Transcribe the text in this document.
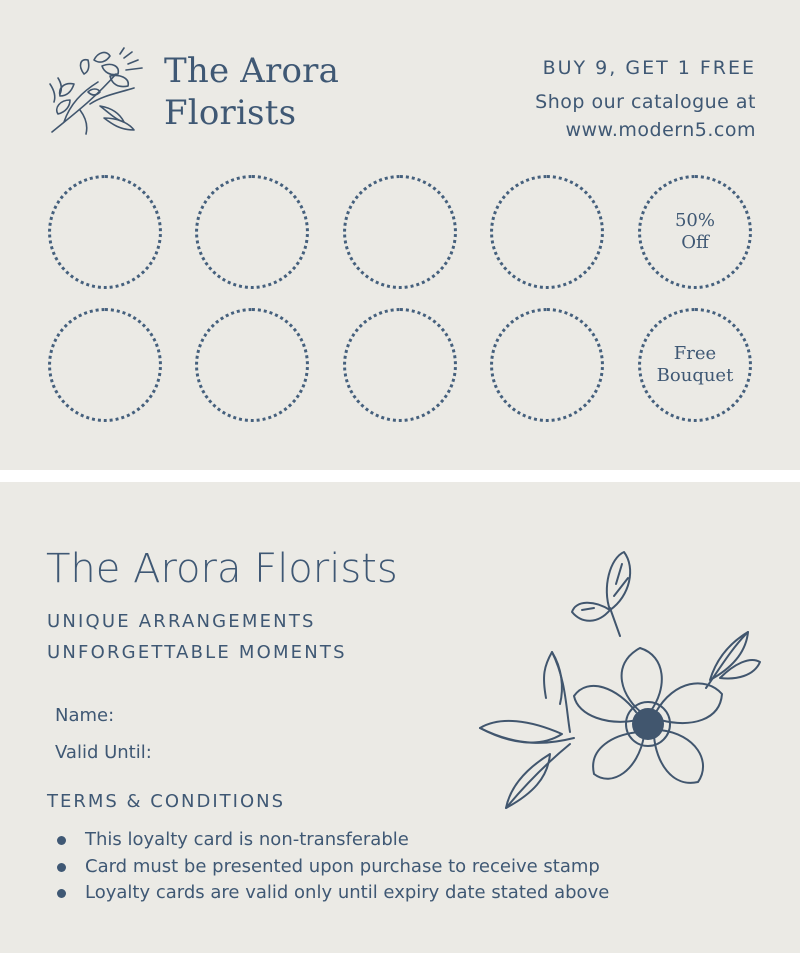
The Arora
Florists
BUY 9, GET 1 FREE
Shop our catalogue at
www.modern5.com
50%
Off
Free
Bouquet
The Arora Florists
UNIQUE ARRANGEMENTS
UNFORGETTABLE MOMENTS
Name:
Valid Until:
TERMS & CONDITIONS
This loyalty card is non-transferable
Card must be presented upon purchase to receive stamp
Loyalty cards are valid only until expiry date stated above
